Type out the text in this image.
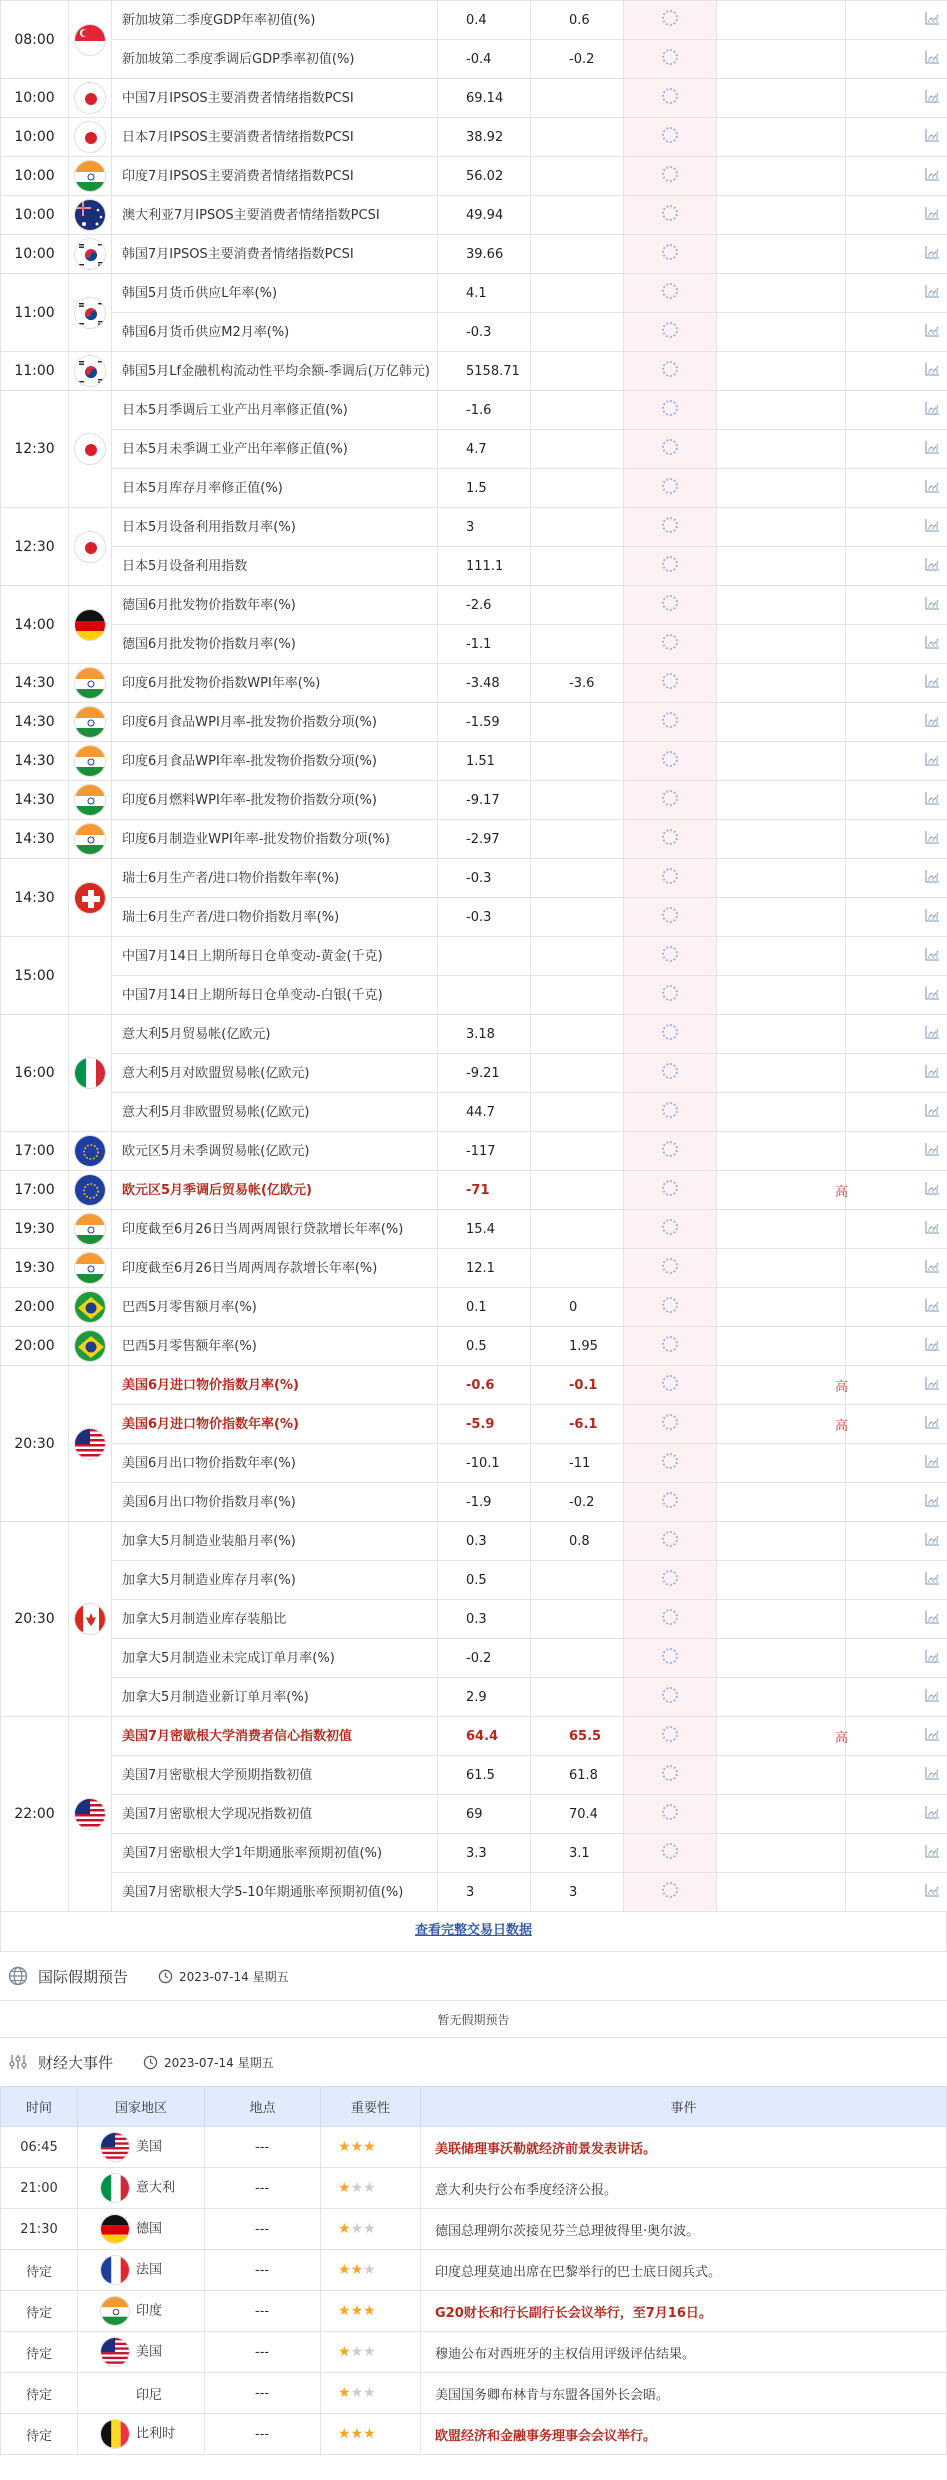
08:00		新加坡第二季度GDP年率初值(%)	0.4	0.6			
		新加坡第二季度季调后GDP季率初值(%)	-0.4	-0.2			
10:00		中国7月IPSOS主要消费者情绪指数PCSI	69.14				
10:00		日本7月IPSOS主要消费者情绪指数PCSI	38.92				
10:00		印度7月IPSOS主要消费者情绪指数PCSI	56.02				
10:00		澳大利亚7月IPSOS主要消费者情绪指数PCSI	49.94				
10:00		韩国7月IPSOS主要消费者情绪指数PCSI	39.66				
11:00		韩国5月货币供应L年率(%)	4.1				
		韩国6月货币供应M2月率(%)	-0.3				
11:00		韩国5月Lf金融机构流动性平均余额-季调后(万亿韩元)	5158.71				
12:30		日本5月季调后工业产出月率修正值(%)	-1.6				
		日本5月未季调工业产出年率修正值(%)	4.7				
		日本5月库存月率修正值(%)	1.5				
12:30		日本5月设备利用指数月率(%)	3				
		日本5月设备利用指数	111.1				
14:00		德国6月批发物价指数年率(%)	-2.6				
		德国6月批发物价指数月率(%)	-1.1				
14:30		印度6月批发物价指数WPI年率(%)	-3.48	-3.6			
14:30		印度6月食品WPI月率-批发物价指数分项(%)	-1.59				
14:30		印度6月食品WPI年率-批发物价指数分项(%)	1.51				
14:30		印度6月燃料WPI年率-批发物价指数分项(%)	-9.17				
14:30		印度6月制造业WPI年率-批发物价指数分项(%)	-2.97				
14:30		瑞士6月生产者/进口物价指数年率(%)	-0.3				
		瑞士6月生产者/进口物价指数月率(%)	-0.3				
15:00		中国7月14日上期所每日仓单变动-黄金(千克)					
		中国7月14日上期所每日仓单变动-白银(千克)					
16:00		意大利5月贸易帐(亿欧元)	3.18				
		意大利5月对欧盟贸易帐(亿欧元)	-9.21				
		意大利5月非欧盟贸易帐(亿欧元)	44.7				
17:00		欧元区5月未季调贸易帐(亿欧元)	-117				
17:00		欧元区5月季调后贸易帐(亿欧元)	-71			高	
19:30		印度截至6月26日当周两周银行贷款增长年率(%)	15.4				
19:30		印度截至6月26日当周两周存款增长年率(%)	12.1				
20:00		巴西5月零售额月率(%)	0.1	0			
20:00		巴西5月零售额年率(%)	0.5	1.95			
20:30		美国6月进口物价指数月率(%)	-0.6	-0.1		高	
		美国6月进口物价指数年率(%)	-5.9	-6.1		高	
		美国6月出口物价指数年率(%)	-10.1	-11			
		美国6月出口物价指数月率(%)	-1.9	-0.2			
20:30		加拿大5月制造业装船月率(%)	0.3	0.8			
		加拿大5月制造业库存月率(%)	0.5				
		加拿大5月制造业库存装船比	0.3				
		加拿大5月制造业未完成订单月率(%)	-0.2				
		加拿大5月制造业新订单月率(%)	2.9				
22:00		美国7月密歇根大学消费者信心指数初值	64.4	65.5		高	
		美国7月密歇根大学预期指数初值	61.5	61.8			
		美国7月密歇根大学现况指数初值	69	70.4			
		美国7月密歇根大学1年期通胀率预期初值(%)	3.3	3.1			
		美国7月密歇根大学5-10年期通胀率预期初值(%)	3	3			
查看完整交易日数据
国际假期预告	2023-07-14 星期五
暂无假期预告
财经大事件	2023-07-14 星期五
时间	国家地区	地点	重要性	事件
06:45	美国	---	★★★	美联储理事沃勒就经济前景发表讲话。
21:00	意大利	---	★★★	意大利央行公布季度经济公报。
21:30	德国	---	★★★	德国总理朔尔茨接见芬兰总理彼得里·奥尔波。
待定	法国	---	★★★	印度总理莫迪出席在巴黎举行的巴士底日阅兵式。
待定	印度	---	★★★	G20财长和行长副行长会议举行，至7月16日。
待定	美国	---	★★★	穆迪公布对西班牙的主权信用评级评估结果。
待定	印尼	---	★★★	美国国务卿布林肯与东盟各国外长会晤。
待定	比利时	---	★★★	欧盟经济和金融事务理事会会议举行。
